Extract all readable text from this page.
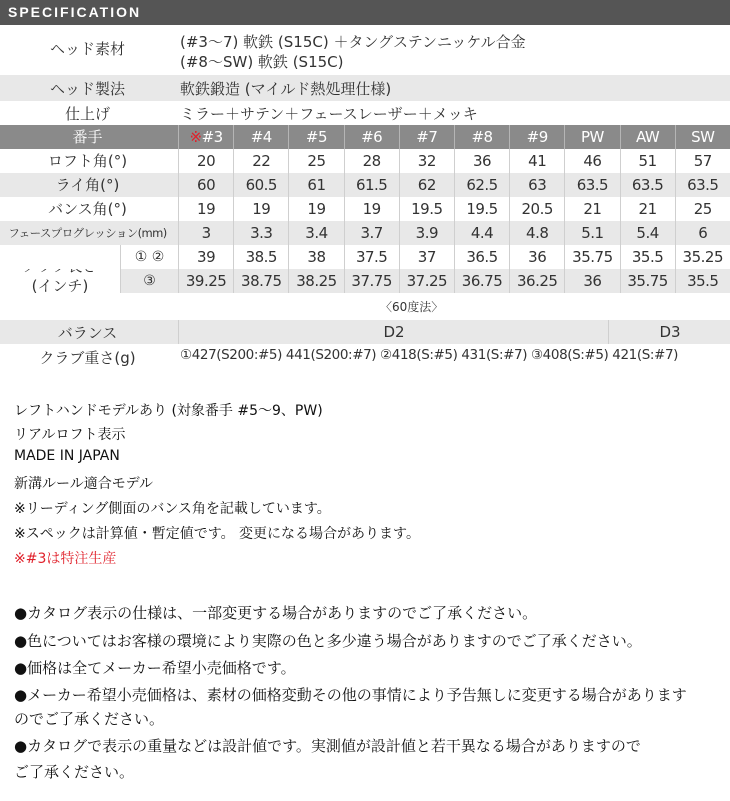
SPECIFICATION
ヘッド素材	(#3〜7) 軟鉄 (S15C) ＋タングステンニッケル合金
(#8〜SW) 軟鉄 (S15C)
ヘッド製法	軟鉄鍛造 (マイルド熱処理仕様)
仕上げ	ミラー＋サテン＋フェースレーザー＋メッキ
番手	※#3	#4	#5	#6	#7	#8	#9	PW	AW	SW
ロフト角(°)	20	22	25	28	32	36	41	46	51	57
ライ角(°)	60	60.5	61	61.5	62	62.5	63	63.5	63.5	63.5
バンス角(°)	19	19	19	19	19.5	19.5	20.5	21	21	25
フェースプログレッション(mm)	3	3.3	3.4	3.7	3.9	4.4	4.8	5.1	5.4	6
(インチ)
① ②	39	38.5	38	37.5	37	36.5	36	35.75	35.5	35.25
③	39.25 38.75 38.25 37.75 37.25 36.75 36.25	36	35.75	35.5
〈60度法〉
バランス	D2	D3
クラブ重さ(g)	①427(S200:#5) 441(S200:#7) ②418(S:#5) 431(S:#7) ③408(S:#5) 421(S:#7)
レフトハンドモデルあり (対象番手 #5〜9、PW)
リアルロフト表示
MADE IN JAPAN
新溝ルール適合モデル
※リーディング側面のバンス角を記載しています。
※スペックは計算値・暫定値です。 変更になる場合があります。
※#3は特注生産
●カタログ表示の仕様は、一部変更する場合がありますのでご了承ください。
●色についてはお客様の環境により実際の色と多少違う場合がありますのでご了承ください。
●価格は全てメーカー希望小売価格です。
●メーカー希望小売価格は、素材の価格変動その他の事情により予告無しに変更する場合があります
のでご了承ください。
●カタログで表示の重量などは設計値です。実測値が設計値と若干異なる場合がありますので
ご了承ください。
